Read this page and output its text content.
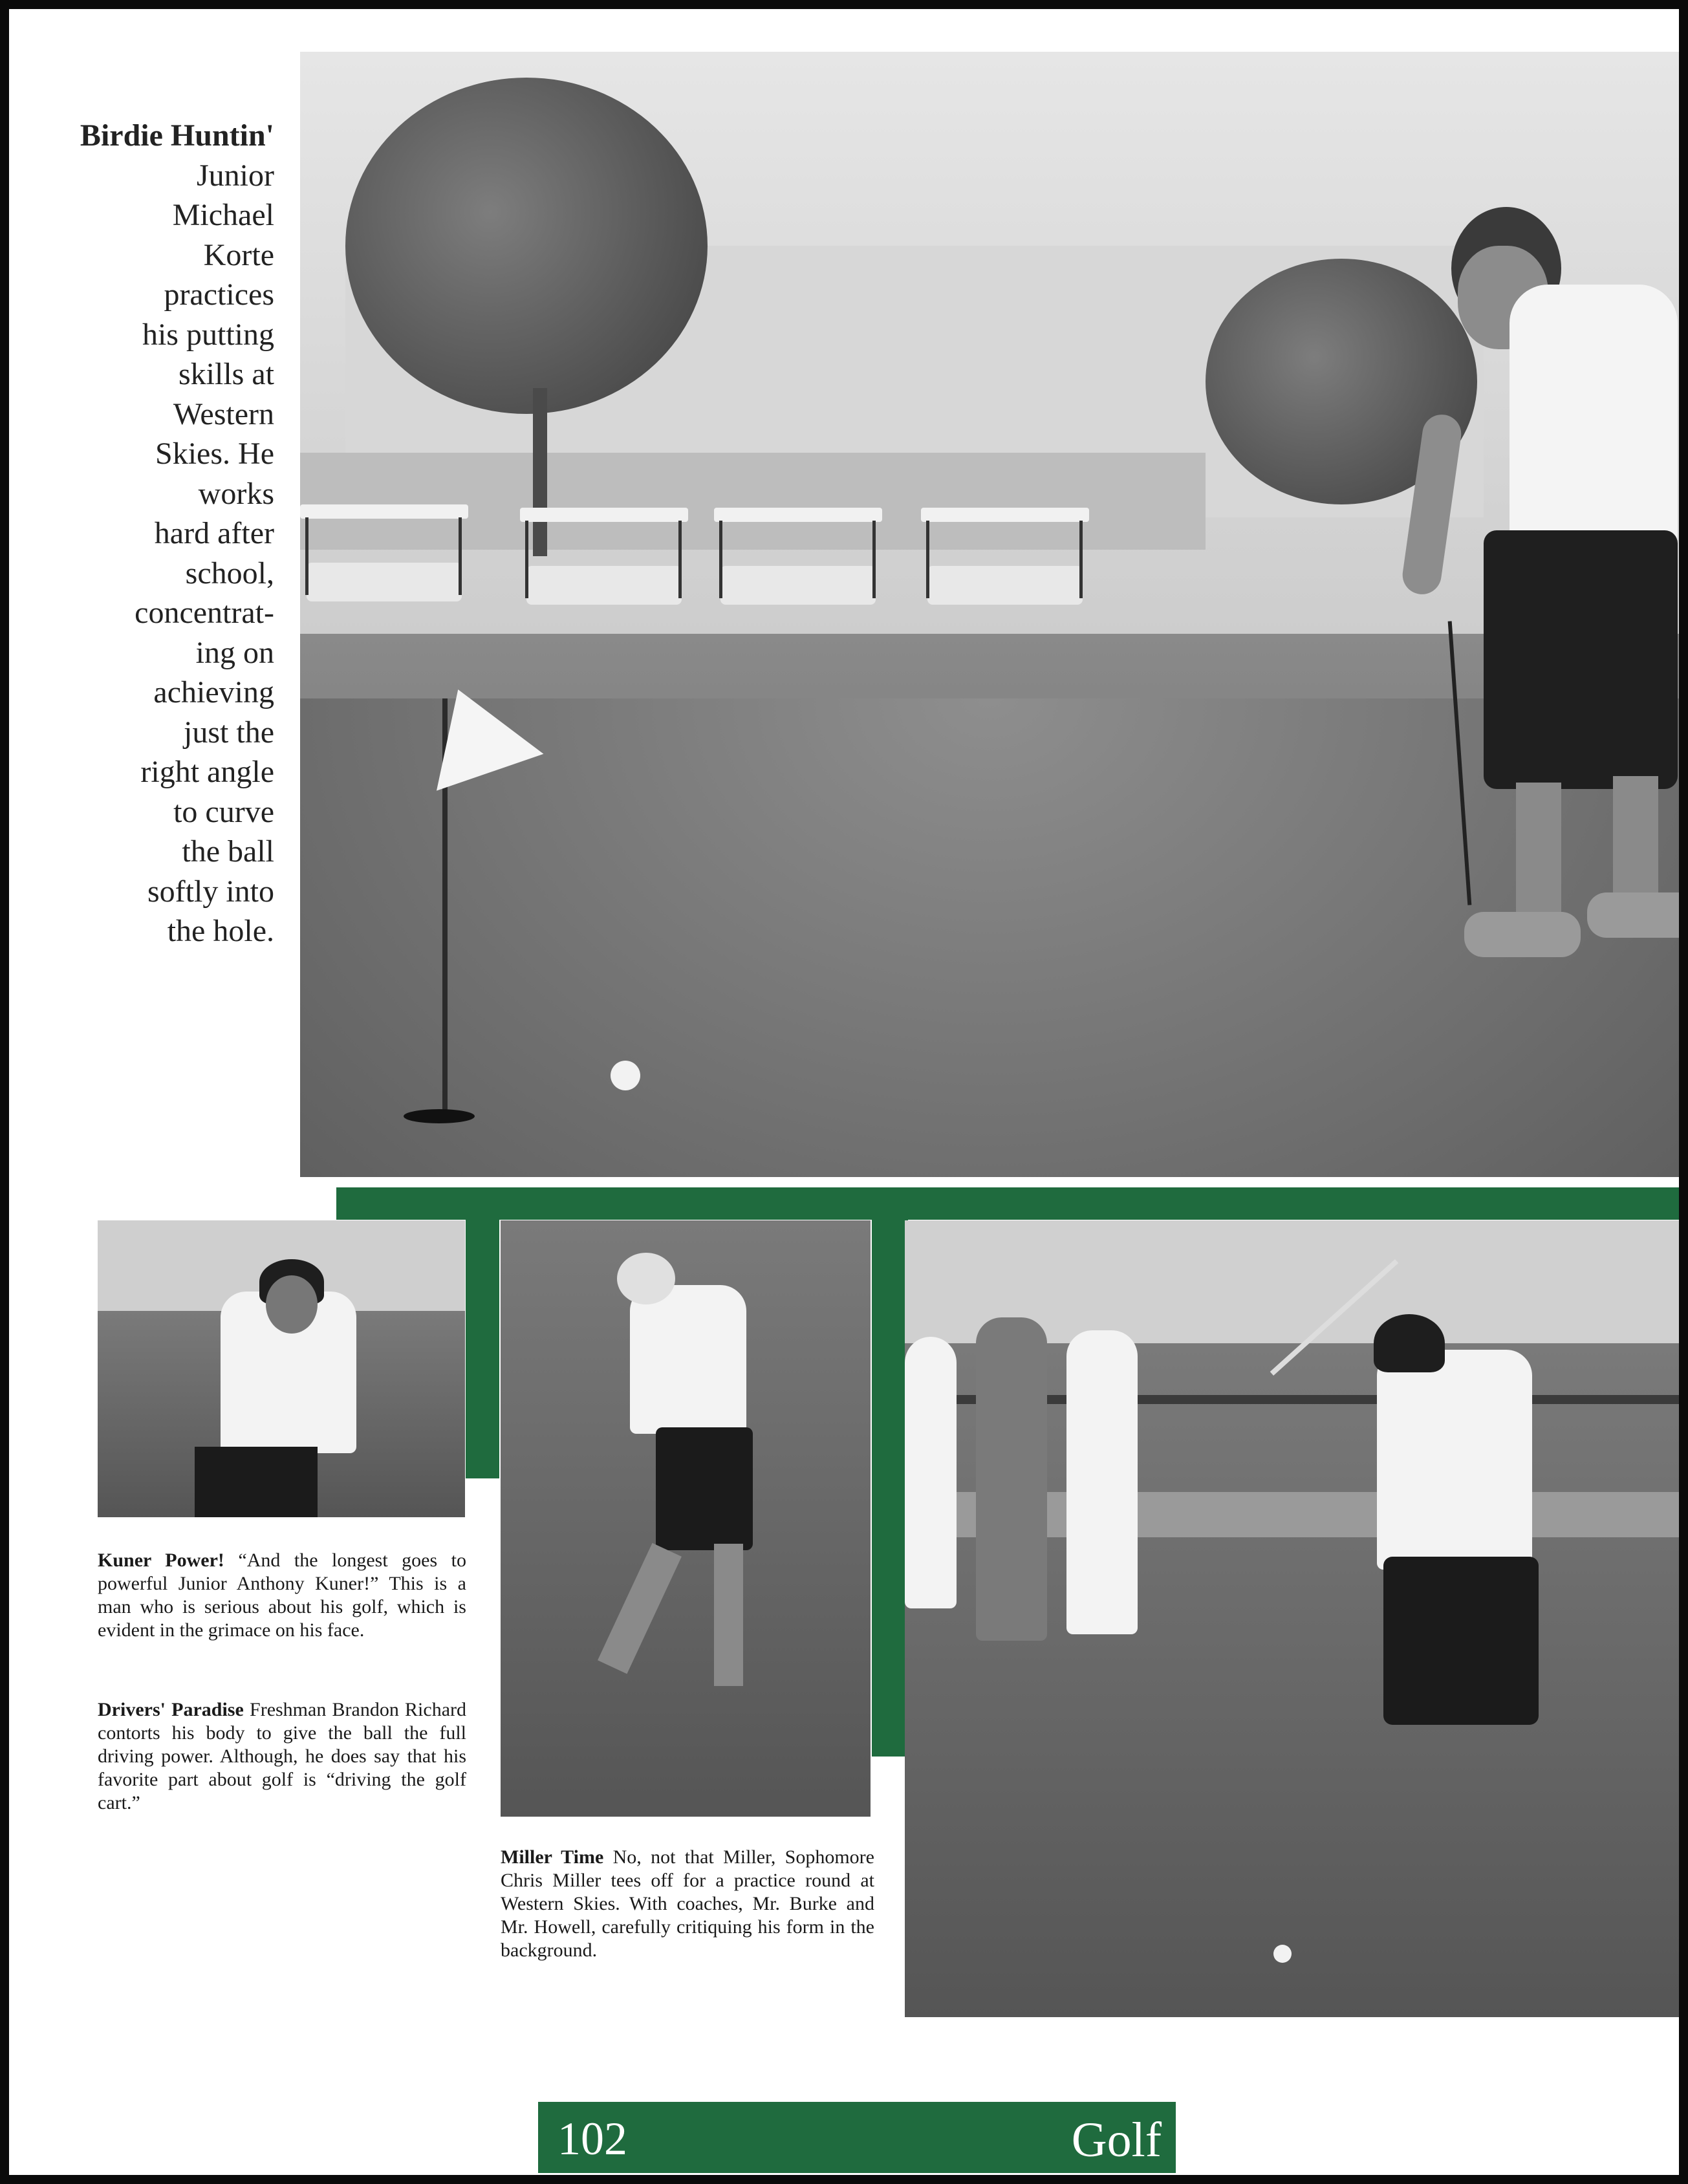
Birdie Huntin'
Junior
Michael
Korte
practices
his putting
skills at
Western
Skies. He
works
hard after
school,
concentrat-
ing on
achieving
just the
right angle
to curve
the ball
softly into
the hole.
Kuner Power! “And the longest goes to powerful Junior Anthony Kuner!” This is a man who is serious about his golf, which is evident in the grimace on his face.
Drivers' Paradise Freshman Brandon Richard contorts his body to give the ball the full driving power. Although, he does say that his favorite part about golf is “driving the golf cart.”
Miller Time No, not that Miller, Sophomore Chris Miller tees off for a practice round at Western Skies. With coaches, Mr. Burke and Mr. Howell, carefully critiquing his form in the background.
102	Golf
